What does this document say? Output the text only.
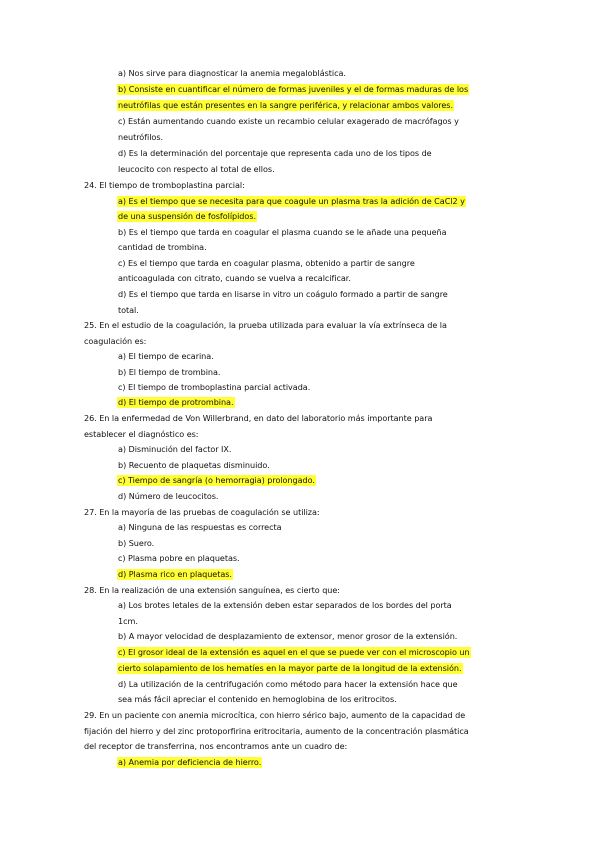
a) Nos sirve para diagnosticar la anemia megaloblástica.
b) Consiste en cuantificar el número de formas juveniles y el de formas maduras de los
neutrófilas que están presentes en la sangre periférica, y relacionar ambos valores.
c) Están aumentando cuando existe un recambio celular exagerado de macrófagos y
neutrófilos.
d) Es la determinación del porcentaje que representa cada uno de los tipos de
leucocito con respecto al total de ellos.
24. El tiempo de tromboplastina parcial:
a) Es el tiempo que se necesita para que coagule un plasma tras la adición de CaCl2 y
de una suspensión de fosfolípidos.
b) Es el tiempo que tarda en coagular el plasma cuando se le añade una pequeña
cantidad de trombina.
c) Es el tiempo que tarda en coagular plasma, obtenido a partir de sangre
anticoagulada con citrato, cuando se vuelva a recalcificar.
d) Es el tiempo que tarda en lisarse in vitro un coágulo formado a partir de sangre
total.
25. En el estudio de la coagulación, la prueba utilizada para evaluar la vía extrínseca de la
coagulación es:
a) El tiempo de ecarina.
b) El tiempo de trombina.
c) El tiempo de tromboplastina parcial activada.
d) El tiempo de protrombina.
26. En la enfermedad de Von Willerbrand, en dato del laboratorio más importante para
establecer el diagnóstico es:
a) Disminución del factor IX.
b) Recuento de plaquetas disminuido.
c) Tiempo de sangría (o hemorragia) prolongado.
d) Número de leucocitos.
27. En la mayoría de las pruebas de coagulación se utiliza:
a) Ninguna de las respuestas es correcta
b) Suero.
c) Plasma pobre en plaquetas.
d) Plasma rico en plaquetas.
28. En la realización de una extensión sanguínea, es cierto que:
a) Los brotes letales de la extensión deben estar separados de los bordes del porta
1cm.
b) A mayor velocidad de desplazamiento de extensor, menor grosor de la extensión.
c) El grosor ideal de la extensión es aquel en el que se puede ver con el microscopio un
cierto solapamiento de los hematíes en la mayor parte de la longitud de la extensión.
d) La utilización de la centrifugación como método para hacer la extensión hace que
sea más fácil apreciar el contenido en hemoglobina de los eritrocitos.
29. En un paciente con anemia microcítica, con hierro sérico bajo, aumento de la capacidad de
fijación del hierro y del zinc protoporfirina eritrocitaria, aumento de la concentración plasmática
del receptor de transferrina, nos encontramos ante un cuadro de:
a) Anemia por deficiencia de hierro.
